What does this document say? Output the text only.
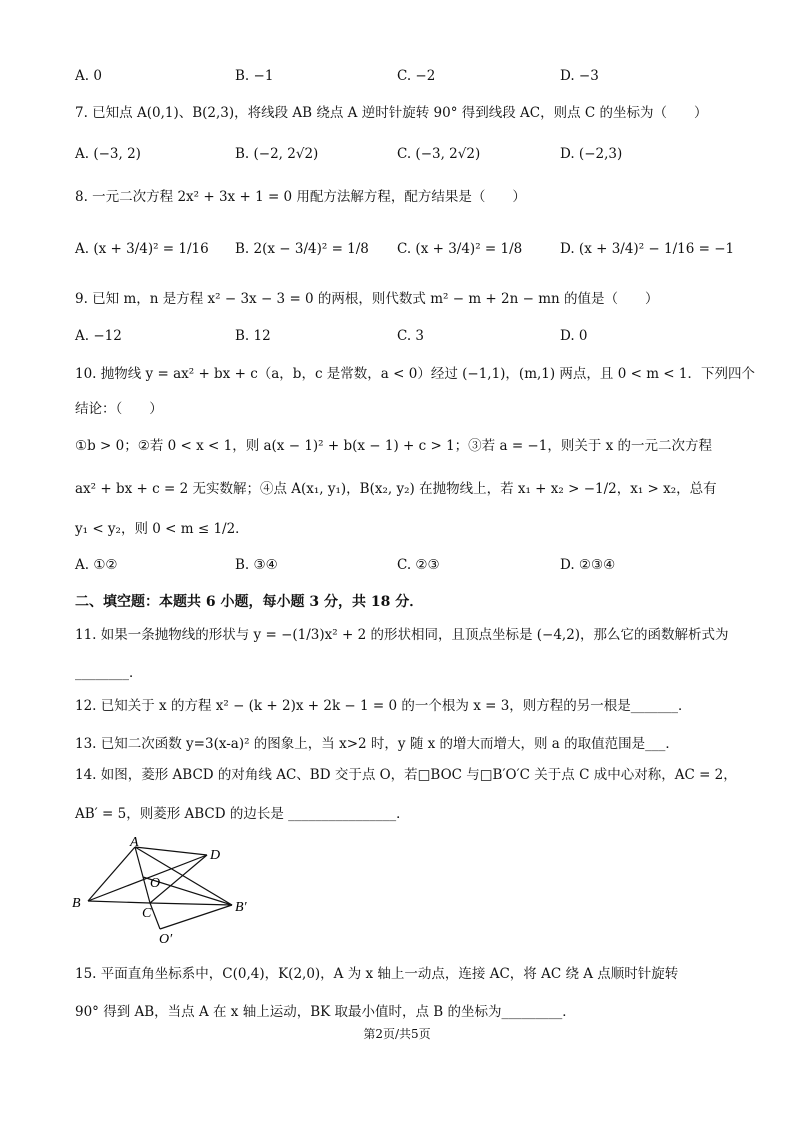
A. 0	B. −1	C. −2	D. −3
7. 已知点 A(0,1)、B(2,3)，将线段 AB 绕点 A 逆时针旋转 90° 得到线段 AC，则点 C 的坐标为（　　）
A. (−3, 2)	B. (−2, 2√2)	C. (−3, 2√2)	D. (−2,3)
8. 一元二次方程 2x² + 3x + 1 = 0 用配方法解方程，配方结果是（　　）
A. (x + 3/4)² = 1/16 B. 2(x − 3/4)² = 1/8 C. (x + 3/4)² = 1/8	D. (x + 3/4)² − 1/16 = −1
9. 已知 m，n 是方程 x² − 3x − 3 = 0 的两根，则代数式 m² − m + 2n − mn 的值是（　　）
A. −12	B. 12	C. 3	D. 0
10. 抛物线 y = ax² + bx + c（a，b，c 是常数，a < 0）经过 (−1,1)，(m,1) 两点，且 0 < m < 1．下列四个
结论：（　　）
①b > 0；②若 0 < x < 1，则 a(x − 1)² + b(x − 1) + c > 1；③若 a = −1，则关于 x 的一元二次方程
ax² + bx + c = 2 无实数解；④点 A(x₁, y₁)，B(x₂, y₂) 在抛物线上，若 x₁ + x₂ > −1/2，x₁ > x₂，总有
y₁ < y₂，则 0 < m ≤ 1/2．
A. ①②	B. ③④	C. ②③	D. ②③④
二、填空题：本题共 6 小题，每小题 3 分，共 18 分．
11. 如果一条抛物线的形状与 y = −(1/3)x² + 2 的形状相同，且顶点坐标是 (−4,2)，那么它的函数解析式为
________．
12. 已知关于 x 的方程 x² − (k + 2)x + 2k − 1 = 0 的一个根为 x = 3，则方程的另一根是_______．
13. 已知二次函数 y=3(x-a)² 的图象上，当 x>2 时，y 随 x 的增大而增大，则 a 的取值范围是___．
14. 如图，菱形 ABCD 的对角线 AC、BD 交于点 O，若□BOC 与□B′O′C 关于点 C 成中心对称，AC = 2，
AB′ = 5，则菱形 ABCD 的边长是 ________________．
A
D
O
B
C	B′
O′
15. 平面直角坐标系中，C(0,4)，K(2,0)，A 为 x 轴上一动点，连接 AC，将 AC 绕 A 点顺时针旋转
90° 得到 AB，当点 A 在 x 轴上运动，BK 取最小值时，点 B 的坐标为_________．
第2页/共5页
